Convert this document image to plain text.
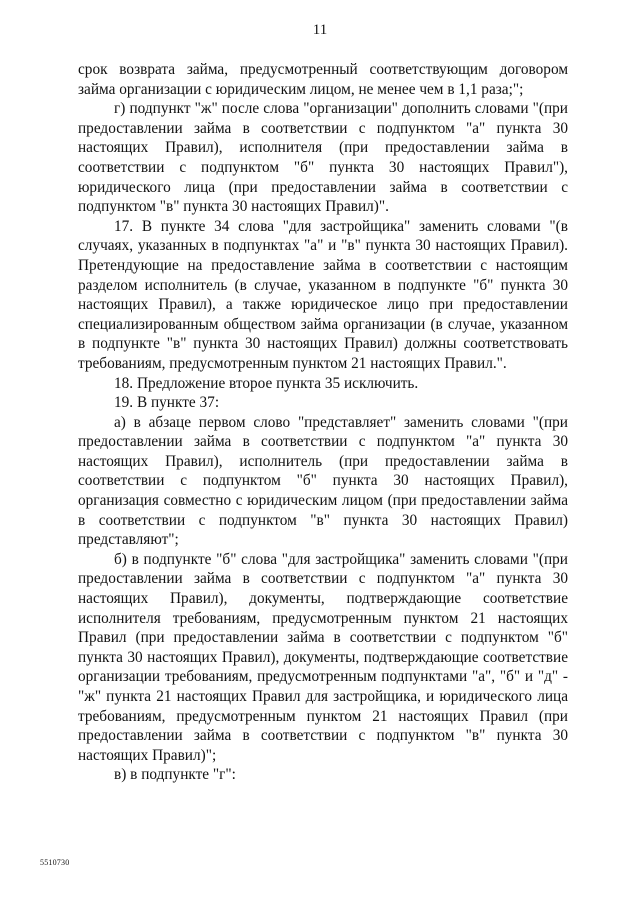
11

срок возврата займа, предусмотренный соответствующим договором займа организации с юридическим лицом, не менее чем в 1,1 раза;";

г) подпункт "ж" после слова "организации" дополнить словами "(при предоставлении займа в соответствии с подпунктом "а" пункта 30 настоящих Правил), исполнителя (при предоставлении займа в соответствии с подпунктом "б" пункта 30 настоящих Правил"), юридического лица (при предоставлении займа в соответствии с подпунктом "в" пункта 30 настоящих Правил)".

17. В пункте 34 слова "для застройщика" заменить словами "(в случаях, указанных в подпунктах "а" и "в" пункта 30 настоящих Правил). Претендующие на предоставление займа в соответствии с настоящим разделом исполнитель (в случае, указанном в подпункте "б" пункта 30 настоящих Правил), а также юридическое лицо при предоставлении специализированным обществом займа организации (в случае, указанном в подпункте "в" пункта 30 настоящих Правил) должны соответствовать требованиям, предусмотренным пунктом 21 настоящих Правил.".

18. Предложение второе пункта 35 исключить.

19. В пункте 37:

а) в абзаце первом слово "представляет" заменить словами "(при предоставлении займа в соответствии с подпунктом "а" пункта 30 настоящих Правил), исполнитель (при предоставлении займа в соответствии с подпунктом "б" пункта 30 настоящих Правил), организация совместно с юридическим лицом (при предоставлении займа в соответствии с подпунктом "в" пункта 30 настоящих Правил) представляют";

б) в подпункте "б" слова "для застройщика" заменить словами "(при предоставлении займа в соответствии с подпунктом "а" пункта 30 настоящих Правил), документы, подтверждающие соответствие исполнителя требованиям, предусмотренным пунктом 21 настоящих Правил (при предоставлении займа в соответствии с подпунктом "б" пункта 30 настоящих Правил), документы, подтверждающие соответствие организации требованиям, предусмотренным подпунктами "а", "б" и "д" - "ж" пункта 21 настоящих Правил для застройщика, и юридического лица требованиям, предусмотренным пунктом 21 настоящих Правил (при предоставлении займа в соответствии с подпунктом "в" пункта 30 настоящих Правил)";

в) в подпункте "г":

5510730
